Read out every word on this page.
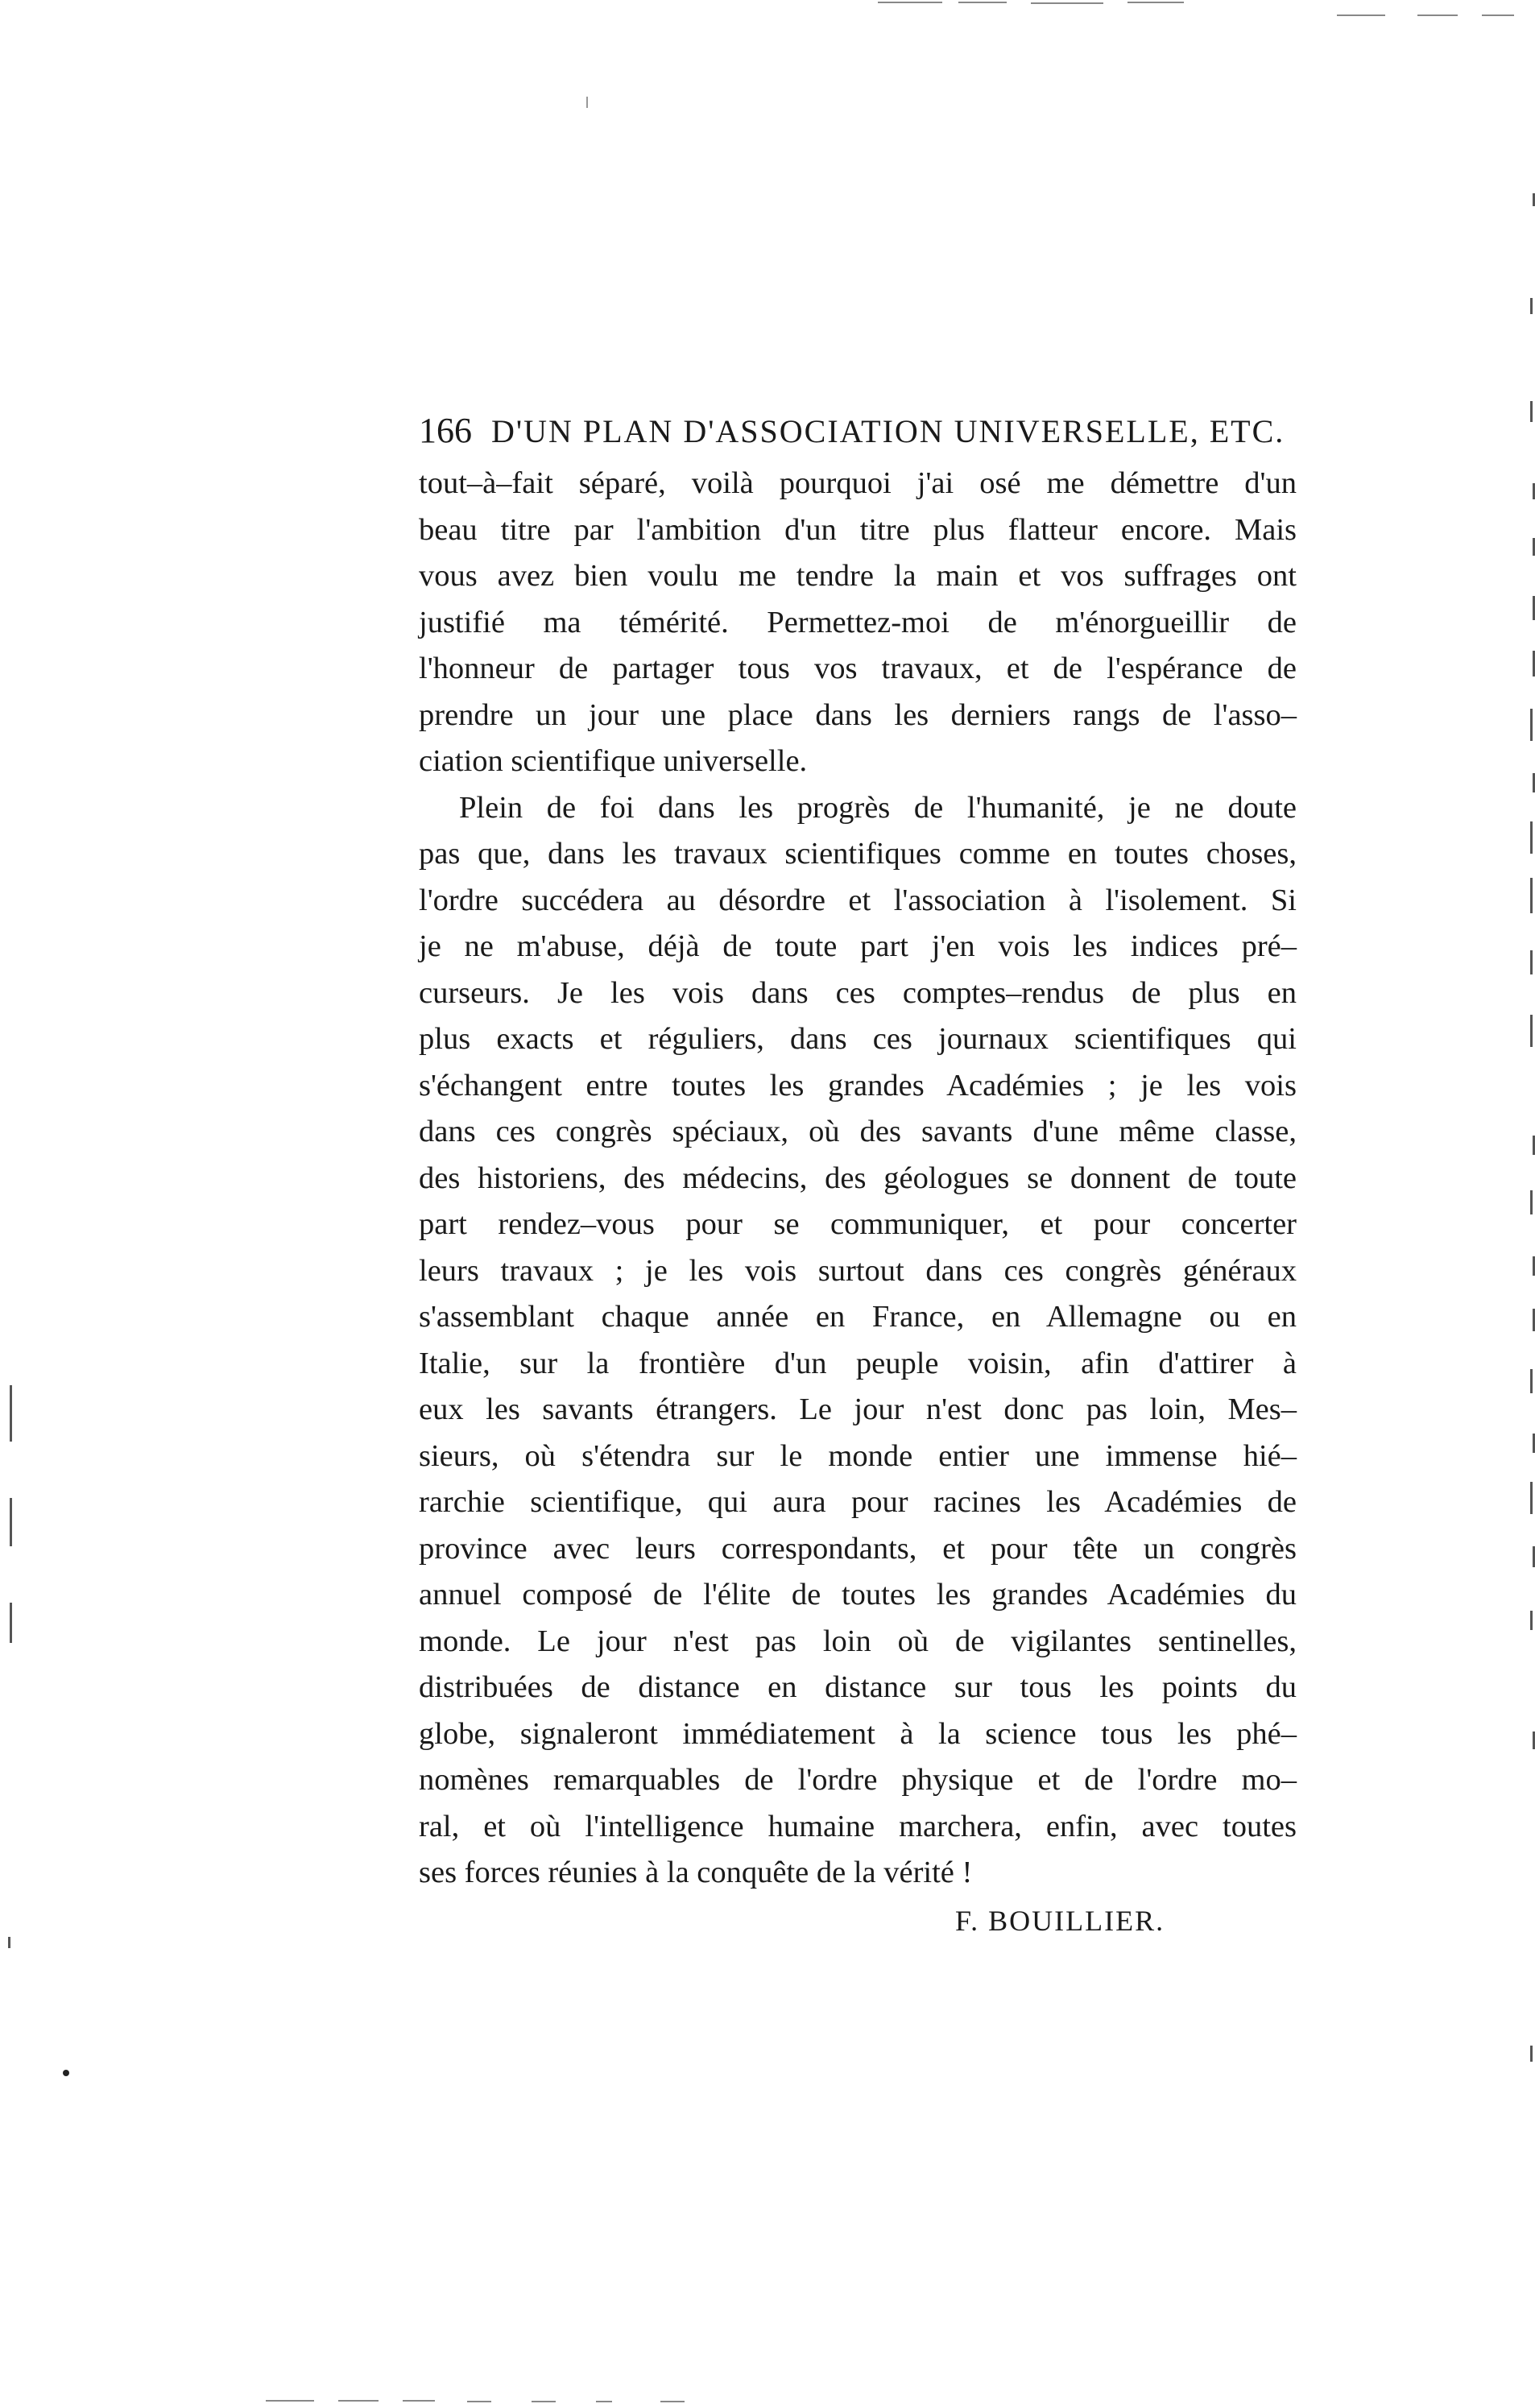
166 D'UN PLAN D'ASSOCIATION UNIVERSELLE, ETC.
tout–à–fait séparé, voilà pourquoi j'ai osé me démettre d'un
beau titre par l'ambition d'un titre plus flatteur encore. Mais
vous avez bien voulu me tendre la main et vos suffrages ont
justifié ma témérité. Permettez-moi de m'énorgueillir de
l'honneur de partager tous vos travaux, et de l'espérance de
prendre un jour une place dans les derniers rangs de l'asso–
ciation scientifique universelle.
Plein de foi dans les progrès de l'humanité, je ne doute
pas que, dans les travaux scientifiques comme en toutes choses,
l'ordre succédera au désordre et l'association à l'isolement. Si
je ne m'abuse, déjà de toute part j'en vois les indices pré–
curseurs. Je les vois dans ces comptes–rendus de plus en
plus exacts et réguliers, dans ces journaux scientifiques qui
s'échangent entre toutes les grandes Académies ; je les vois
dans ces congrès spéciaux, où des savants d'une même classe,
des historiens, des médecins, des géologues se donnent de toute
part rendez–vous pour se communiquer, et pour concerter
leurs travaux ; je les vois surtout dans ces congrès généraux
s'assemblant chaque année en France, en Allemagne ou en
Italie, sur la frontière d'un peuple voisin, afin d'attirer à
eux les savants étrangers. Le jour n'est donc pas loin, Mes–
sieurs, où s'étendra sur le monde entier une immense hié–
rarchie scientifique, qui aura pour racines les Académies de
province avec leurs correspondants, et pour tête un congrès
annuel composé de l'élite de toutes les grandes Académies du
monde. Le jour n'est pas loin où de vigilantes sentinelles,
distribuées de distance en distance sur tous les points du
globe, signaleront immédiatement à la science tous les phé–
nomènes remarquables de l'ordre physique et de l'ordre mo–
ral, et où l'intelligence humaine marchera, enfin, avec toutes
ses forces réunies à la conquête de la vérité !
F. BOUILLIER.
